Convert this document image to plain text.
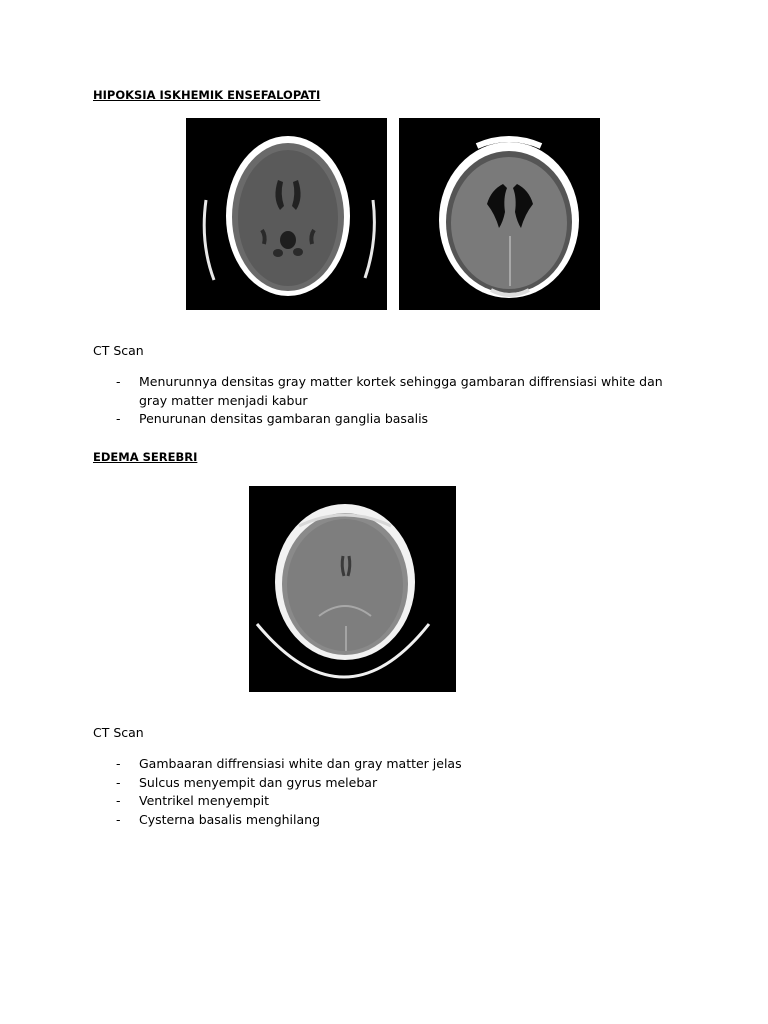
HIPOKSIA ISKHEMIK ENSEFALOPATI
CT Scan
- Menurunnya densitas gray matter kortek sehingga gambaran diffrensiasi white dan gray matter menjadi kabur
- Penurunan densitas gambaran ganglia basalis
EDEMA SEREBRI
CT Scan
- Gambaaran diffrensiasi white dan gray matter jelas
- Sulcus menyempit dan gyrus melebar
- Ventrikel menyempit
- Cysterna basalis menghilang
